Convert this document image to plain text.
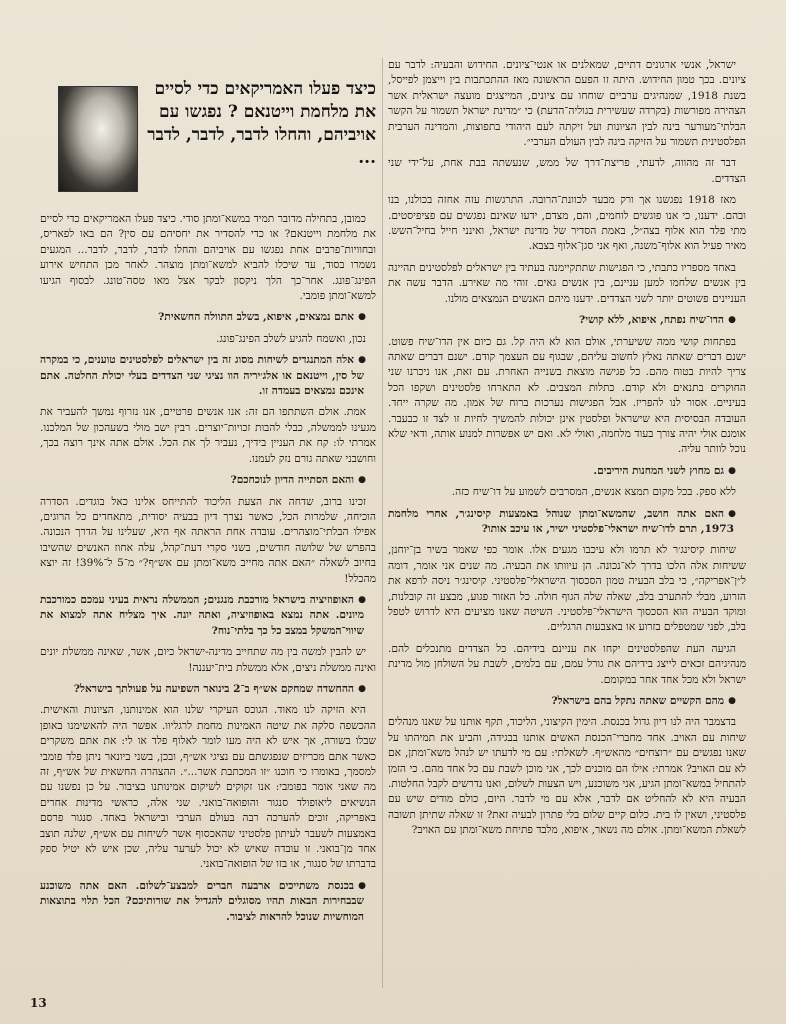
כיצד פעלו האמריקאים כדי לסיים את מלחמת וייטנאם ? נפגשו עם אויביהם, והחלו לדבר, לדבר, לדבר ...

ישראל, אנשי ארגונים דתיים, שמאלנים או אנטי־ציונים. החידוש והבעיה: לדבר עם ציונים. בכך טמון החידוש. היתה זו הפעם הראשונה מאז ההתכתבות בין וייצמן לפייסל, בשנת 1918, שמנהיגים ערביים שוחחו עם ציונים, המייצגים מועצה ישראלית אשר הצהירה מפורשות (בקרדה שעשירית בגוליה־הדעת) כי ״מדינת ישראל תשמור על הקשר הבלתי־מעורער בינה לבין הציונות ועל זיקתה לעם היהודי בתפוצות, והמדינה הערבית הפלסטינית תשמור על הזיקה בינה לבין העולם הערבי״.

דבר זה מהווה, לדעתי, פריצת־דרך של ממש, שנעשתה בבת אחת, על־ידי שני הצדדים.

מאז 1918 נפגשנו אך ורק מבעד לכוונת־הרובה. התרגשות עזה אחזה בכולנו, בנו ובהם. ידענו, כי אנו פוגשים לוחמים, והם, מצדם, ידעו שאינם נפגשים עם פציפיסטים. מתי פלד הוא אלוף בצה״ל, באמת הסדיר של מדינת ישראל, ואינני חייל בחיל־השש. מאיר פעיל הוא אלוף־משנה, ואף אני סגן־אלוף בצבא.

באחד מספריו כתבתי, כי הפגישות שתתקיימנה בעתיד בין ישראלים לפלסטינים תהיינה בין אנשים שלחמו למען עניינם, בין אנשים גאים. זוהי מה שאירע. הדבר עשה את העניינים פשוטים יותר לשני הצדדים. ידענו מיהם האנשים הנמצאים מולנו.

● הדו־שיח נפתח, איפוא, ללא קושי?

בפתחות קושי ממה ששיערתי, אולם הוא לא היה קל. גם כיום אין הדו־שיח פשוט. ישנם דברים שאתה נאלץ לחשוב עליהם, שבגוף עם העצמך קודם. ישנם דברים שאתה צריך להיות בטוח מהם. כל פגישה מוצאת בשנייה האחרת. עם זאת, אנו ניכרנו שני החוקרים בתנאים ולא קודם. כתלות המצבים. לא התארחו פלסטינים ושקפו הכל בעיניים. אסור לנו להפריז. אבל הפגישות נערכות ברוח של אמון. מה שקרה ייחד. העובדה הבסיסית היא שישראל ופלסטין אינן יכולות להמשיך לחיות זו לצד זו כבעבר. אומנם אולי יהיה צורך בעוד מלחמה, ואולי לא. ואם יש אפשרות למנוע אותה, ודאי שלא נוכל לוותר עליה.

● גם מחוץ לשני המחנות היריבים.

ללא ספק. בכל מקום תמצא אנשים, המסרבים לשמוע על דו־שיח כזה.

● האם אתה חושב, שהמשא־ומתן שנוהל באמצעות קיסינג׳ר, אחרי מלחמת 1973, תרם לדו־שיח ישראלי־פלסטיני ישיר, או עיכב אותו?

שיחות קיסינג׳ר לא תרמו ולא עיכבו מגעים אלו. אומר כפי שאמר בשיר בן־יוחנן, ששיחות אלה הלכו בדרך לא־נכונה. הן עיוותו את הבעיה. מה שנים אני אומר, דומה ל״ן־אפריקה״, כי בלב הבעיה טמון הסכסוך הישראלי־פלסטיני. קיסינג׳ר ניסה לרפא את הזרוע, מבלי להתערב בלב, שאלה שלה הגוף חולה. כל האזור פגוע, מבצע זה קובלנות, ומוקד הבעיה הוא הסכסוך הישראלי־פלסטיני. השיטה שאנו מציעים היא לדרוש לטפל בלב, לפני שמטפלים בזרוע או באצבעות הרגליים.

הגיעה העת שהפלסטינים יקחו את עניינם בידיהם. כל הצדדים מתנכלים להם. מנהיגיהם זכאים לייצג בידיהם את גורל עמם, עם בלמים, לשבת על השולחן מול מדינת ישראל ולא מכל אחד אחר במקומם.

● מהם הקשיים שאתה נתקל בהם בישראל?

בדצמבר היה לנו דיון גדול בכנסת. הימין הקיצוני, הליכוד, תקף אותנו על שאנו מנהלים שיחות עם האויב. אחד מחברי־הכנסת האשים אותנו בבגידה, והביע את תמיהתו על שאנו נפגשים עם ״רוצחים״ מהאש״ף. לשאלתי: עם מי לדעתו יש לנהל משא־ומתן, אם לא עם האויב? אמרתי: אילו הם מוכנים לכך, אני מוכן לשבת עם כל אחד מהם. כי הזמן להתחיל במשא־ומתן הגיע, אני משוכנע, ויש הצעות לשלום, ואנו נדרשים לקבל החלטות. הבעיה היא לא להחליט אם לדבר, אלא עם מי לדבר. היום, כולם מודים שיש עם פלסטיני, ושאין לו בית. כלום קיים שלום בלי פתרון לבעיה זאת? זו שאלה שתיתן תשובה לשאלת המשא־ומתן. אולם מה נשאר, איפוא, מלבד פתיחת משא־ומתן עם האויב?

כמובן, בתחילה מדובר תמיד במשא־ומתן סודי. כיצד פעלו האמריקאים כדי לסיים את מלחמת וייטנאם? או כדי להסדיר את יחסיהם עם סין? הם באו לפאריס, ובחוויות־פרבים אחת נפגשו עם אויביהם והחלו לדבר, לדבר, לדבר... המגעים נשמרו בסוד, עד שיכלו להביא למשא־ומתן מוצהר. לאחר מכן התחיש אירוע הפינג־פונג. אחר־כך הלך ניקסון לבקר אצל מאו טסה־טונג. לבסוף הגיעו למשא־ומתן פומבי.

● אתם נמצאים, איפוא, בשלב התוולה החשאית?

נכון, ואשמח להגיע לשלב הפינג־פונג.

● אלה המתנגדים לשיחות מסוג זה בין ישראלים לפלסטינים טוענים, כי במקרה של סין, וייטנאם או אלג׳יריה הוו נציגי שני הצדדים בעלי יכולת החלטה. אתם אינכם נמצאים בעמדה זו.

אמת. אולם השתתפו הם זה: אנו אנשים פרטיים, אנו נזרוף נמשך להעביר את מגעינו לממשלה, כבלי להבות זכויות־יוצרים. רבין ישב מולי בשעהכון של המלכנו. אמרתי לו: קח את העניין בידיך, נעביר לך את הכל. אולם אתה אינך רוצה בכך, וחושבני שאתה גורם נזק לעמנו.

● והאם הסתייה הדיון לנוכחכם?

זכינו ברוב, שדחה את הצעת הליכוד להתייחס אלינו כאל בוגדים. הסדרה הוכיחה, שלמרות הכל, כאשר נצרך דיון בבעיה יסודית, מתאחדים כל הרוגים, אפילו הבלתי־מוצהרים. עובדה אחת הראתה אף היא, שעלינו על הדרך הנכונה. בהפרש של שלושה חודשים, בשני סקרי דעת־קהל, עלה אחוז האנשים שהשיבו בחיוב לשאלה ״האם אתה מחייב משא־ומתן עם אש״ף?״ מ־5 ל־39%! זה יוצא מהכלל!

● האופוזיציה בישראל מורכבת מנגנים; הממשלה נראית בעיני עמכם כמורכבת מיונים. אתה נמצא באופוזיציה, ואתה יונה. איך מצליח אתה למצוא את שיווי־המשקל במצב כל כך בלתי־נוח?

יש להבין למשה בין מה שתחייב מדינה-ישראל כיום, אשר, שאינה ממשלת יונים ואינה ממשלת ניצים, אלא ממשלת בית־יעננה!

● ההחשדה שמחקם אש״ף ב־2 בינואר השפיעה על פעולתך בישראל?

היא הזיקה לנו מאוד. הגוכס העיקרי שלנו הוא אמינותנו, הציונות והאישית. ההכשפה סלקה את שיטה האמינות מחמת לרגליוו. אפשר היה להאשימנו באופן שבלו בשורה, אך איש לא היה מעו לומר לאלוף פלד או לי: את אתם משקרים כאשר אתם מכריזים שנפגשתם עם נציגי אש״ף, ובכן, בשני ביונאר ניתן פלד פומבי למסמך, באומרו כי חוכנו ״זו המכתבת אשר...״. ההצהרה החשאית של אש״ף, זה מה שאני אומר בפומבי: אנו זקוקים לשיקום אמינותנו בציבור. על כן נפשנו עם הנשיאים ליאופולד סנגור והופואה־בואני. שני אלה, כראשי מדינות אחרים באפריקה, זוכים להערכה רבה בעולם הערבי ובישראל באחד. סנגור פרסם באמצעות לשעבר לעיתון פלסטיני שהאכסוף אשר לשיחות עם אש״ף, שלנה תוצב אחד מן־בואני. זו עובדה שאיש לא יכול לערער עליה, שכן איש לא יטיל ספק בדברתו של סנגור, או בזו של הופואה־בואני.

● בכנסת משתייכים ארבעה חברים למבצע־לשלום. האם אתה משוכנע שבבחירות הבאות תהיו מסוגלים להגדיל את שורותיכם? הכל תלוי בתוצאות המוחשיות שנוכל להראות לציבור.

13
